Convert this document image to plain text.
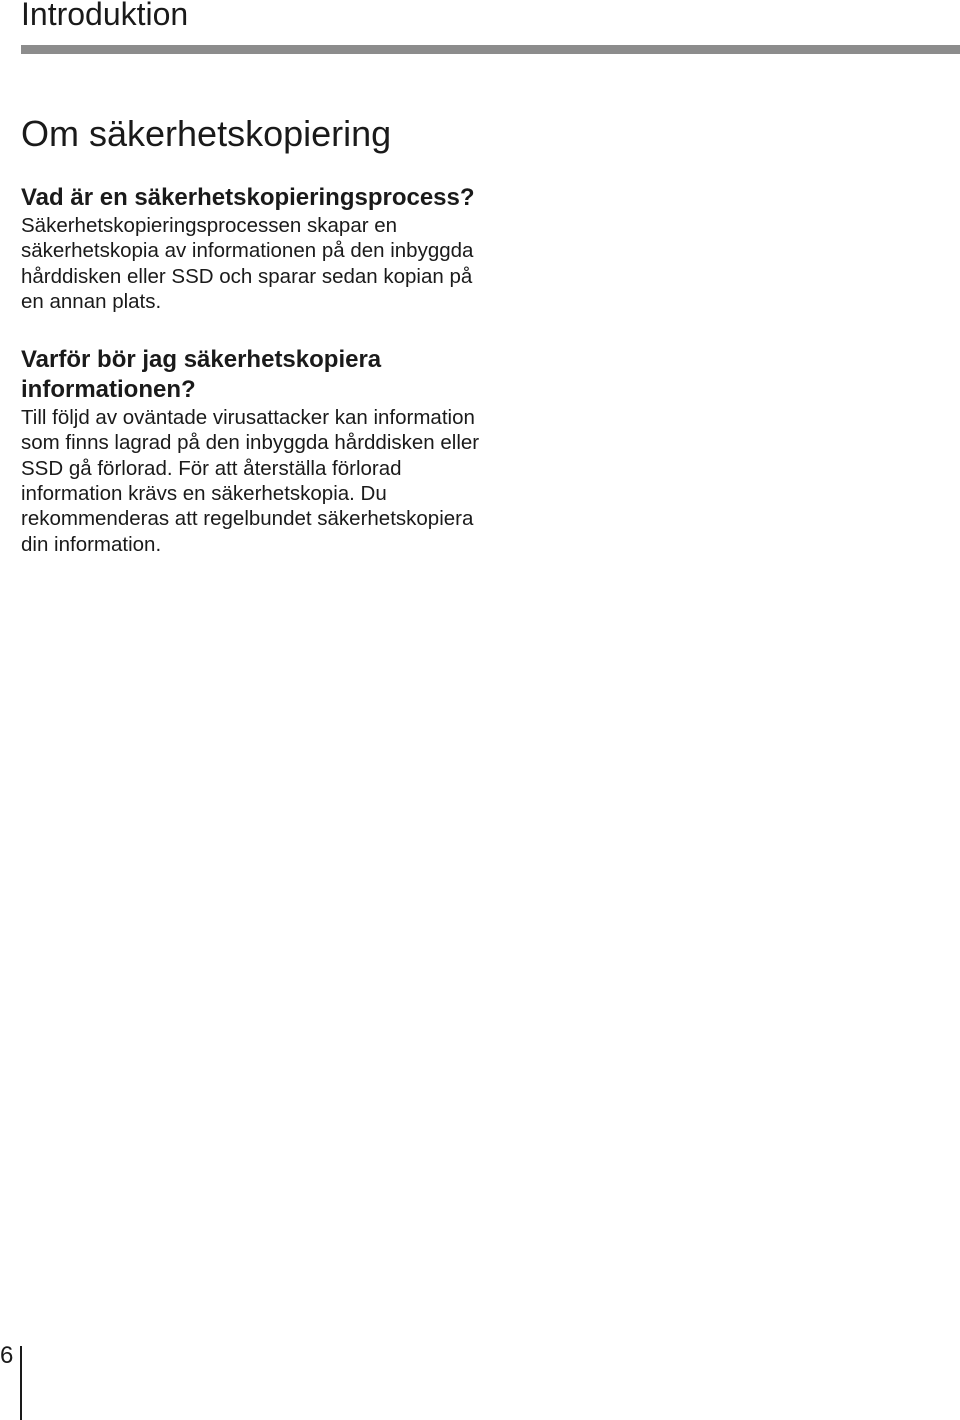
Introduktion
Om säkerhetskopiering
Vad är en säkerhetskopieringsprocess?

Säkerhetskopieringsprocessen skapar en säkerhetskopia av informationen på den inbyggda hårddisken eller SSD och sparar sedan kopian på en annan plats.

Varför bör jag säkerhetskopiera informationen?

Till följd av oväntade virusattacker kan information som finns lagrad på den inbyggda hårddisken eller SSD gå förlorad. För att återställa förlorad information krävs en säkerhetskopia. Du rekommenderas att regelbundet säkerhetskopiera din information.

6
